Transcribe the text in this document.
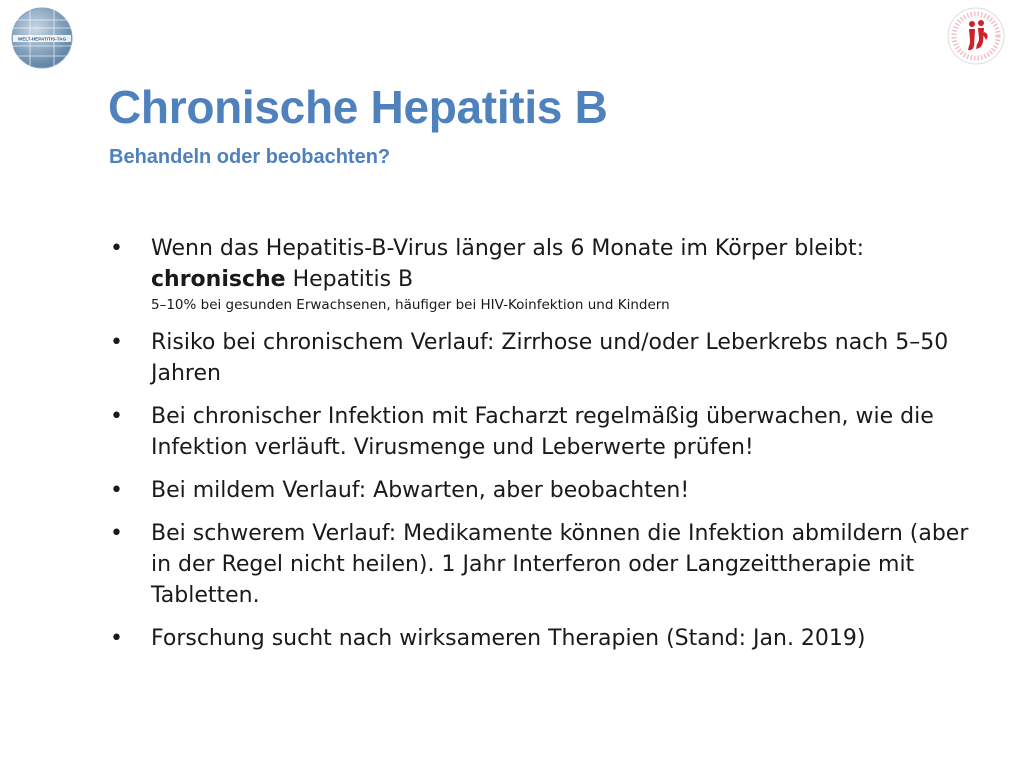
WELT-HEPATITIS-TAG
Chronische Hepatitis B
Behandeln oder beobachten?
• Wenn das Hepatitis-B-Virus länger als 6 Monate im Körper bleibt:
chronische Hepatitis B
5–10% bei gesunden Erwachsenen, häufiger bei HIV-Koinfektion und Kindern
• Risiko bei chronischem Verlauf: Zirrhose und/oder Leberkrebs nach 5–50 Jahren
• Bei chronischer Infektion mit Facharzt regelmäßig überwachen, wie die Infektion verläuft. Virusmenge und Leberwerte prüfen!
• Bei mildem Verlauf: Abwarten, aber beobachten!
• Bei schwerem Verlauf: Medikamente können die Infektion abmildern (aber in der Regel nicht heilen). 1 Jahr Interferon oder Langzeittherapie mit Tabletten.
• Forschung sucht nach wirksameren Therapien (Stand: Jan. 2019)
